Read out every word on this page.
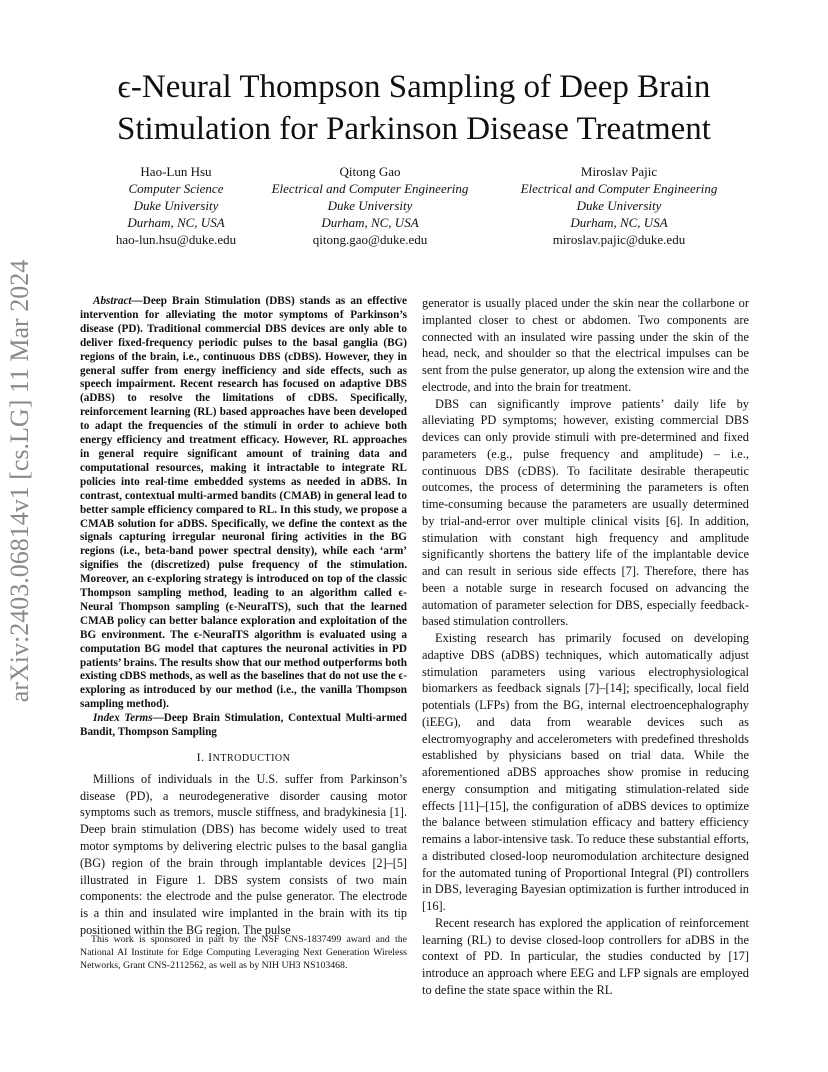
ϵ-Neural Thompson Sampling of Deep Brain
Stimulation for Parkinson Disease Treatment
Hao-Lun Hsu
Computer Science
Duke University
Durham, NC, USA
hao-lun.hsu@duke.edu
Qitong Gao
Electrical and Computer Engineering
Duke University
Durham, NC, USA
qitong.gao@duke.edu
Miroslav Pajic
Electrical and Computer Engineering
Duke University
Durham, NC, USA
miroslav.pajic@duke.edu
arXiv:2403.06814v1 [cs.LG] 11 Mar 2024	Abstract—Deep Brain Stimulation (DBS) stands as an effective intervention for alleviating the motor symptoms of Parkinson’s disease (PD). Traditional commercial DBS devices are only able to deliver fixed-frequency periodic pulses to the basal ganglia (BG) regions of the brain, i.e., continuous DBS (cDBS). However, they in general suffer from energy inefficiency and side effects, such as speech impairment. Recent research has focused on adaptive DBS (aDBS) to resolve the limitations of cDBS. Specifically, reinforcement learning (RL) based approaches have been developed to adapt the frequencies of the stimuli in order to achieve both energy efficiency and treatment efficacy. However, RL approaches in general require significant amount of training data and computational resources, making it intractable to integrate RL policies into real-time embedded systems as needed in aDBS. In contrast, contextual multi-armed bandits (CMAB) in general lead to better sample efficiency compared to RL. In this study, we propose a CMAB solution for aDBS. Specifically, we define the context as the signals capturing irregular neuronal firing activities in the BG regions (i.e., beta-band power spectral density), while each ‘arm’ signifies the (discretized) pulse frequency of the stimulation. Moreover, an ϵ-exploring strategy is introduced on top of the classic Thompson sampling method, leading to an algorithm called ϵ-Neural Thompson sampling (ϵ-NeuralTS), such that the learned CMAB policy can better balance exploration and exploitation of the BG environment. The ϵ-NeuralTS algorithm is evaluated using a computation BG model that captures the neuronal activities in PD patients’ brains. The results show that our method outperforms both existing cDBS methods, as well as the baselines that do not use the ϵ-exploring as introduced by our method (i.e., the vanilla Thompson sampling method).

Index Terms—Deep Brain Stimulation, Contextual Multi-armed Bandit, Thompson Sampling

I. INTRODUCTION

Millions of individuals in the U.S. suffer from Parkinson’s disease (PD), a neurodegenerative disorder causing motor symptoms such as tremors, muscle stiffness, and bradykinesia [1]. Deep brain stimulation (DBS) has become widely used to treat motor symptoms by delivering electric pulses to the basal ganglia (BG) region of the brain through implantable devices [2]–[5] illustrated in Figure 1. DBS system consists of two main components: the electrode and the pulse generator. The electrode is a thin and insulated wire implanted in the brain with its tip positioned within the BG region. The pulse

This work is sponsored in part by the NSF CNS-1837499 award and the National AI Institute for Edge Computing Leveraging Next Generation Wireless Networks, Grant CNS-2112562, as well as by NIH UH3 NS103468.

generator is usually placed under the skin near the collarbone or implanted closer to chest or abdomen. Two components are connected with an insulated wire passing under the skin of the head, neck, and shoulder so that the electrical impulses can be sent from the pulse generator, up along the extension wire and the electrode, and into the brain for treatment.

DBS can significantly improve patients’ daily life by alleviating PD symptoms; however, existing commercial DBS devices can only provide stimuli with pre-determined and fixed parameters (e.g., pulse frequency and amplitude) – i.e., continuous DBS (cDBS). To facilitate desirable therapeutic outcomes, the process of determining the parameters is often time-consuming because the parameters are usually determined by trial-and-error over multiple clinical visits [6]. In addition, stimulation with constant high frequency and amplitude significantly shortens the battery life of the implantable device and can result in serious side effects [7]. Therefore, there has been a notable surge in research focused on advancing the automation of parameter selection for DBS, especially feedback-based stimulation controllers.

Existing research has primarily focused on developing adaptive DBS (aDBS) techniques, which automatically adjust stimulation parameters using various electrophysiological biomarkers as feedback signals [7]–[14]; specifically, local field potentials (LFPs) from the BG, internal electroencephalography (iEEG), and data from wearable devices such as electromyography and accelerometers with predefined thresholds established by physicians based on trial data. While the aforementioned aDBS approaches show promise in reducing energy consumption and mitigating stimulation-related side effects [11]–[15], the configuration of aDBS devices to optimize the balance between stimulation efficacy and battery efficiency remains a labor-intensive task. To reduce these substantial efforts, a distributed closed-loop neuromodulation architecture designed for the automated tuning of Proportional Integral (PI) controllers in DBS, leveraging Bayesian optimization is further introduced in [16].

Recent research has explored the application of reinforcement learning (RL) to devise closed-loop controllers for aDBS in the context of PD. In particular, the studies conducted by [17] introduce an approach where EEG and LFP signals are employed to define the state space within the RL
